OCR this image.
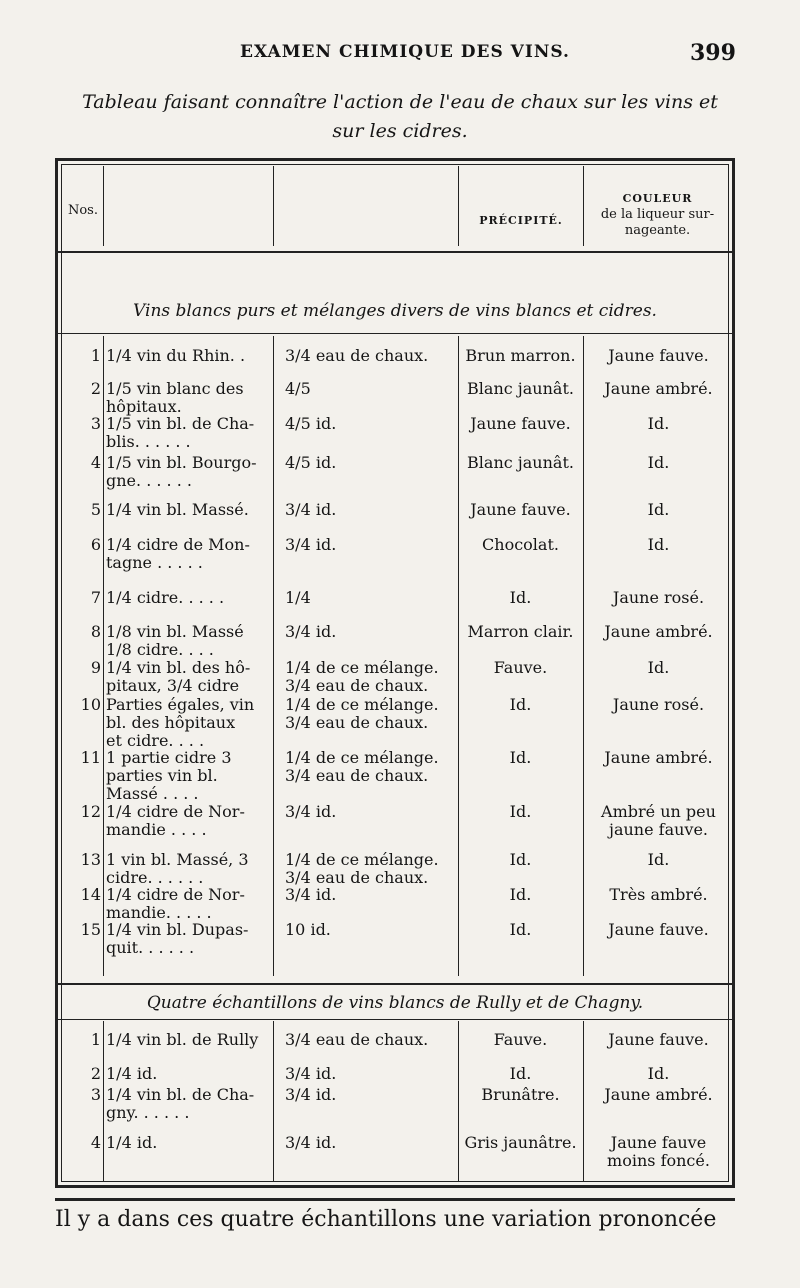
EXAMEN CHIMIQUE DES VINS.	399
Tableau faisant connaître l'action de l'eau de chaux sur les vins et
sur les cidres.
Nos.
PRÉCIPITÉ.
COULEUR
de la liqueur sur-
nageante.
Vins blancs purs et mélanges divers de vins blancs et cidres.
1 1/4 vin du Rhin. .	3/4 eau de chaux.	Brun marron.	Jaune fauve.
2 1/5 vin blanc des
hôpitaux.
4/5	Blanc jaunât.	Jaune ambré.
3 1/5 vin bl. de Cha-
blis. . . . . .
4/5 id.	Jaune fauve.	Id.
4 1/5 vin bl. Bourgo-
gne. . . . . .
4/5 id.	Blanc jaunât.	Id.
5 1/4 vin bl. Massé.	3/4 id.	Jaune fauve.	Id.
6 1/4 cidre de Mon-
tagne . . . . .
3/4 id.	Chocolat.	Id.
7 1/4 cidre. . . . .	1/4	Id.	Jaune rosé.
8 1/8 vin bl. Massé
1/8 cidre. . . .
3/4 id.	Marron clair.	Jaune ambré.
9 1/4 vin bl. des hô-
pitaux, 3/4 cidre
1/4 de ce mélange.
3/4 eau de chaux.
Fauve.	Id.
10 Parties égales, vin
bl. des hôpitaux
et cidre. . . .
1/4 de ce mélange.
3/4 eau de chaux.
Id.	Jaune rosé.
11 1 partie cidre 3
parties vin bl.
Massé . . . .
1/4 de ce mélange.
3/4 eau de chaux.
Id.	Jaune ambré.
12 1/4 cidre de Nor-
mandie . . . .
3/4 id.	Id.	Ambré un peu
jaune fauve.
13 1 vin bl. Massé, 3
cidre. . . . . .
1/4 de ce mélange.
3/4 eau de chaux.
Id.	Id.
14 1/4 cidre de Nor-
mandie. . . . .
3/4 id.	Id.	Très ambré.
15 1/4 vin bl. Dupas-
quit. . . . . .
10 id.	Id.	Jaune fauve.
Quatre échantillons de vins blancs de Rully et de Chagny.
1 1/4 vin bl. de Rully	3/4 eau de chaux.	Fauve.	Jaune fauve.
2 1/4 id.	3/4 id.	Id.	Id.
3 1/4 vin bl. de Cha-
gny. . . . . .
3/4 id.	Brunâtre.	Jaune ambré.
4 1/4 id.	3/4 id.	Gris jaunâtre.	Jaune fauve
moins foncé.
Il y a dans ces quatre échantillons une variation prononcée
